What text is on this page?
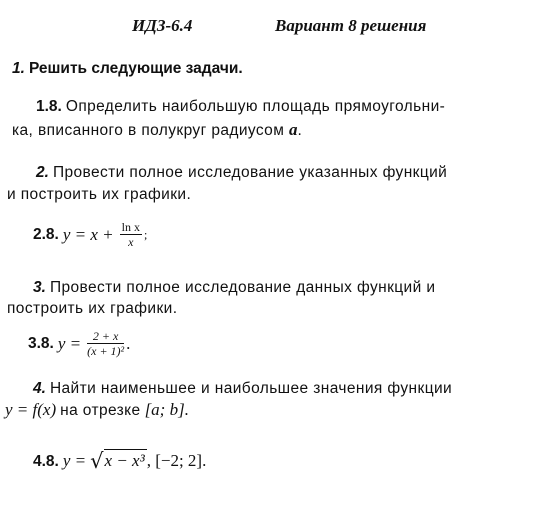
ИДЗ-6.4	Вариант 8 решения
1. Решить следующие задачи.
1.8. Определить наибольшую площадь прямоугольни-
ка, вписанного в полукруг радиусом a.
2. Провести полное исследование указанных функций
и построить их графики.
2.8. $y = x + \frac{\text{ln x}}{x}$ ;
3. Провести полное исследование данных функций и
построить их графики.
3.8. $y = \frac{2 + x}{\text{(x + 1)²}}$ .
4. Найти наименьшее и наибольшее значения функции
y = f(x) на отрезке [a; b].
4.8. y = √x − x³ , [−2; 2].
